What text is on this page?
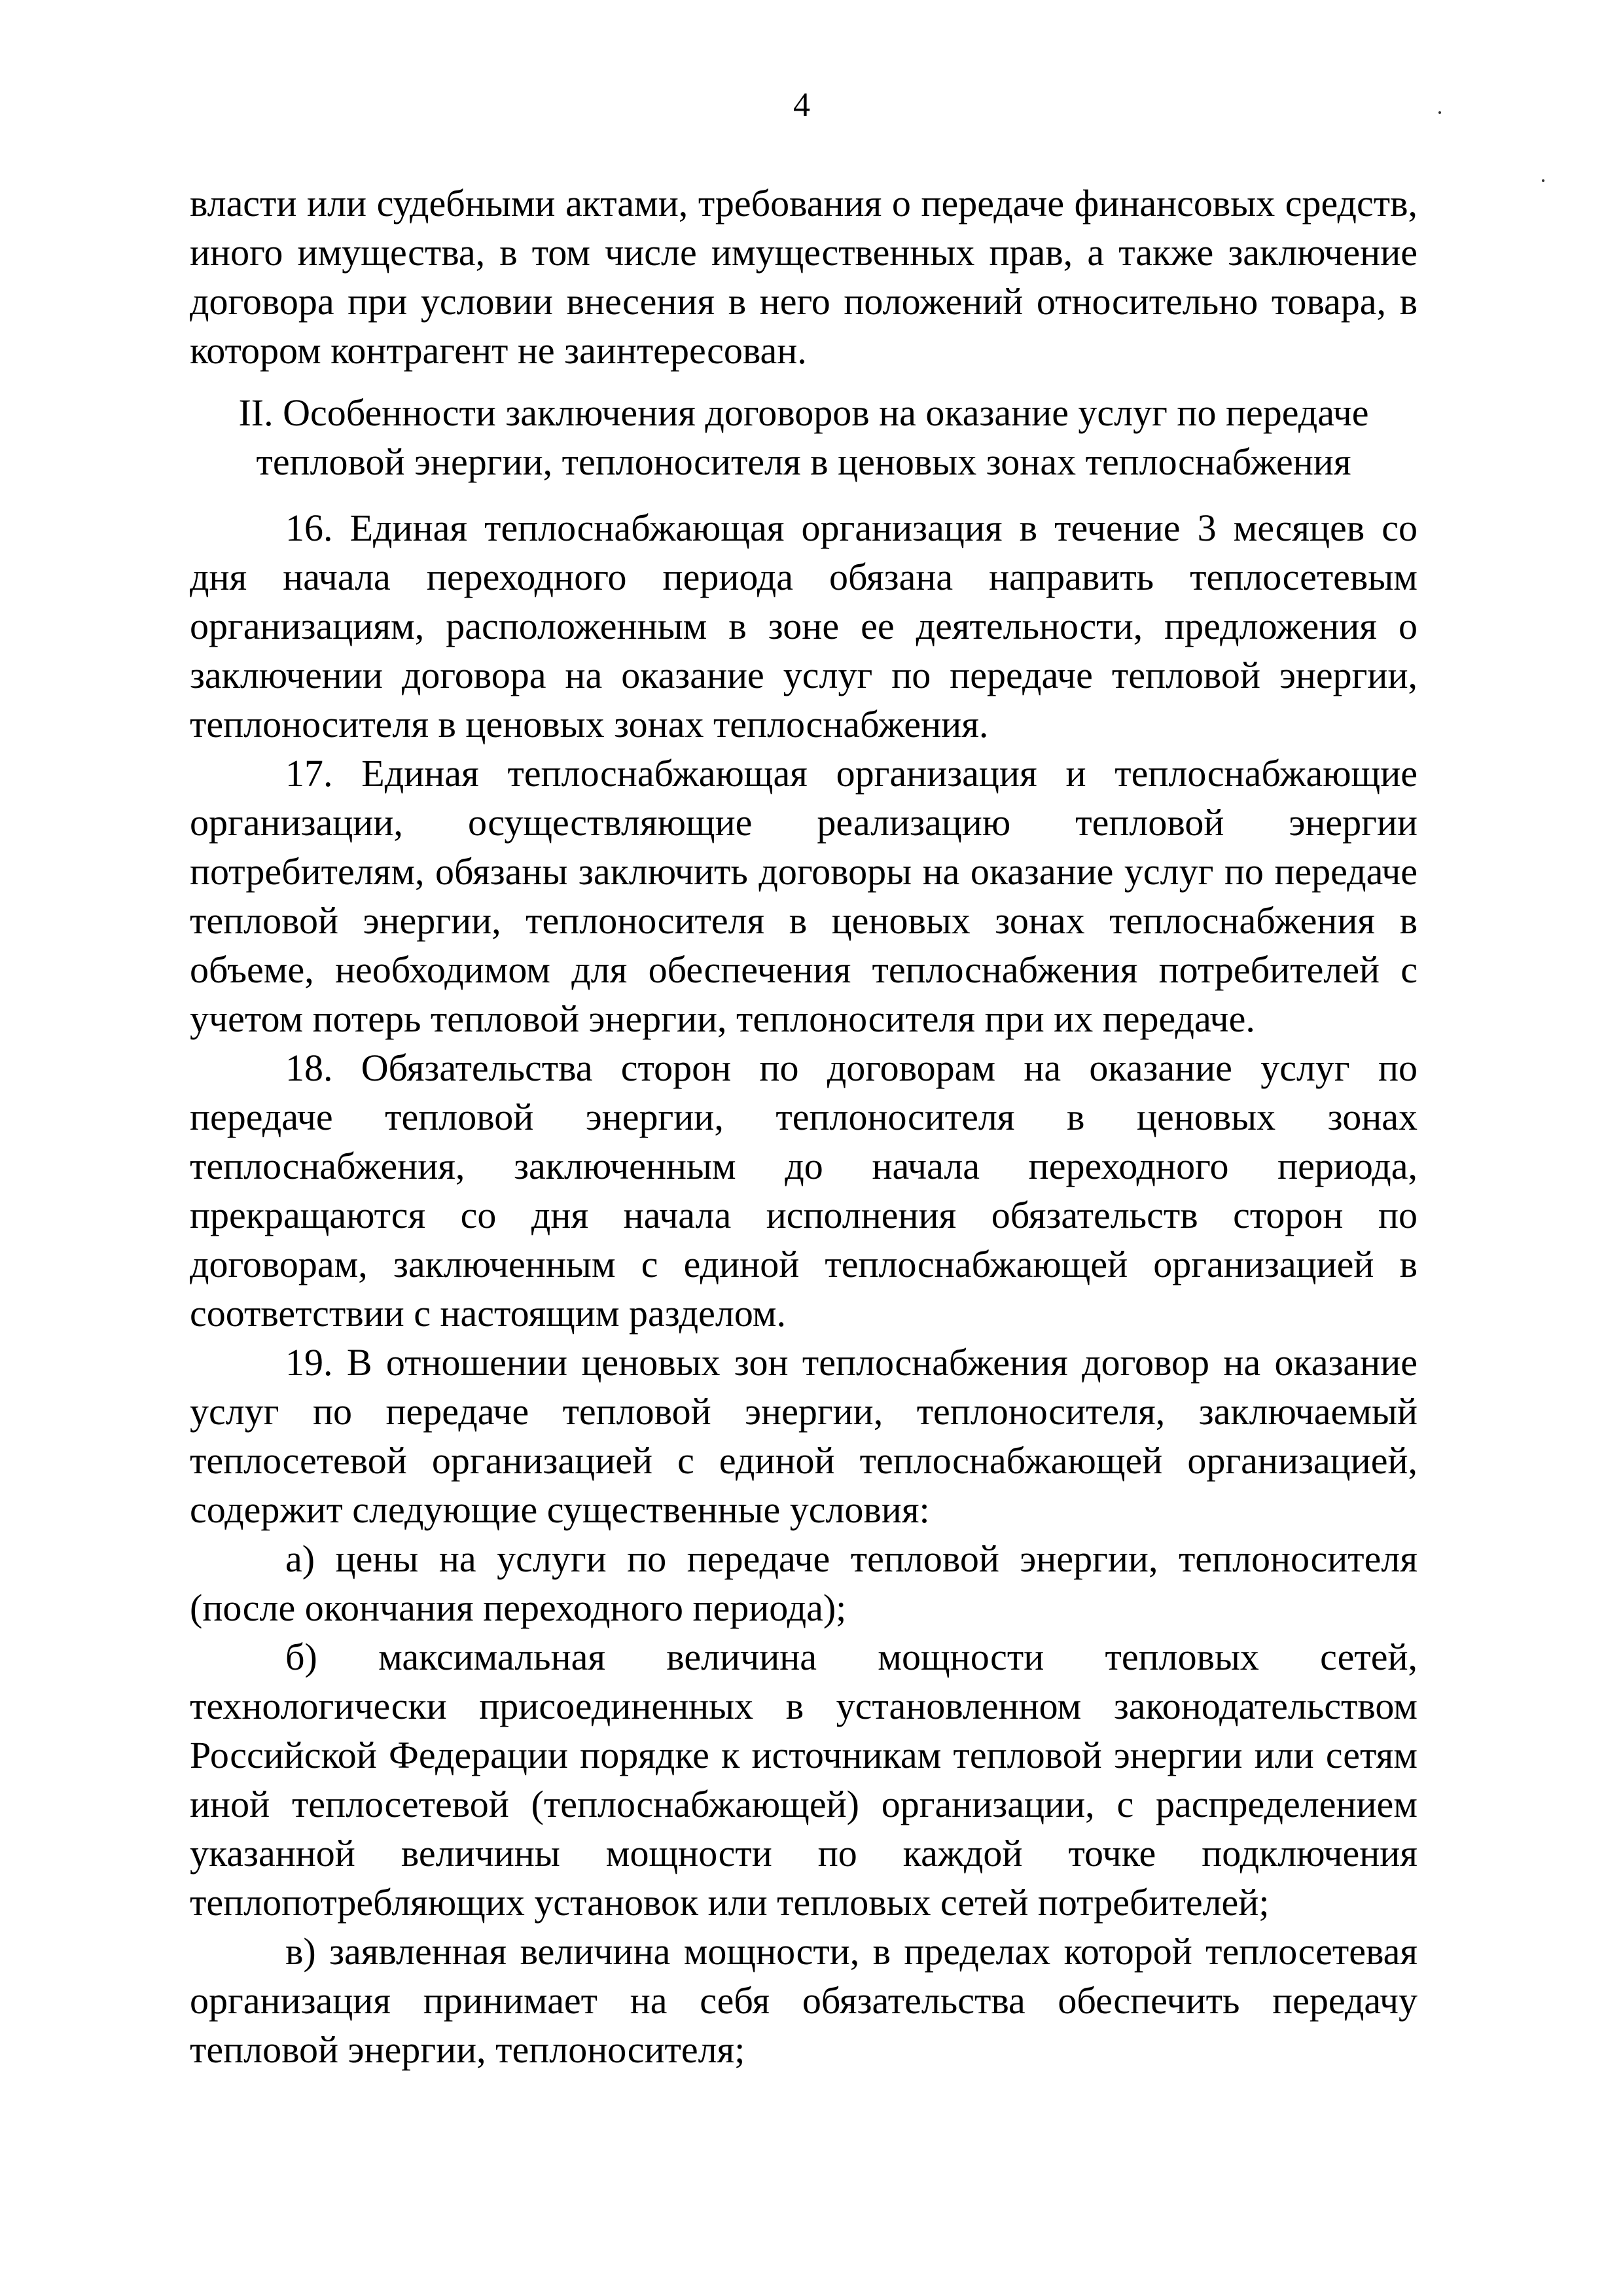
4

власти или судебными актами, требования о передаче финансовых средств, иного имущества, в том числе имущественных прав, а также заключение договора при условии внесения в него положений относительно товара, в котором контрагент не заинтересован.

II. Особенности заключения договоров на оказание услуг по передаче
тепловой энергии, теплоносителя в ценовых зонах теплоснабжения

16. Единая теплоснабжающая организация в течение 3 месяцев со дня начала переходного периода обязана направить теплосетевым организациям, расположенным в зоне ее деятельности, предложения о заключении договора на оказание услуг по передаче тепловой энергии, теплоносителя в ценовых зонах теплоснабжения.

17. Единая теплоснабжающая организация и теплоснабжающие организации, осуществляющие реализацию тепловой энергии потребителям, обязаны заключить договоры на оказание услуг по передаче тепловой энергии, теплоносителя в ценовых зонах теплоснабжения в объеме, необходимом для обеспечения теплоснабжения потребителей с учетом потерь тепловой энергии, теплоносителя при их передаче.

18. Обязательства сторон по договорам на оказание услуг по передаче тепловой энергии, теплоносителя в ценовых зонах теплоснабжения, заключенным до начала переходного периода, прекращаются со дня начала исполнения обязательств сторон по договорам, заключенным с единой теплоснабжающей организацией в соответствии с настоящим разделом.

19. В отношении ценовых зон теплоснабжения договор на оказание услуг по передаче тепловой энергии, теплоносителя, заключаемый теплосетевой организацией с единой теплоснабжающей организацией, содержит следующие существенные условия:

а) цены на услуги по передаче тепловой энергии, теплоносителя (после окончания переходного периода);

б) максимальная величина мощности тепловых сетей, технологически присоединенных в установленном законодательством Российской Федерации порядке к источникам тепловой энергии или сетям иной теплосетевой (теплоснабжающей) организации, с распределением указанной величины мощности по каждой точке подключения теплопотребляющих установок или тепловых сетей потребителей;

в) заявленная величина мощности, в пределах которой теплосетевая организация принимает на себя обязательства обеспечить передачу тепловой энергии, теплоносителя;
